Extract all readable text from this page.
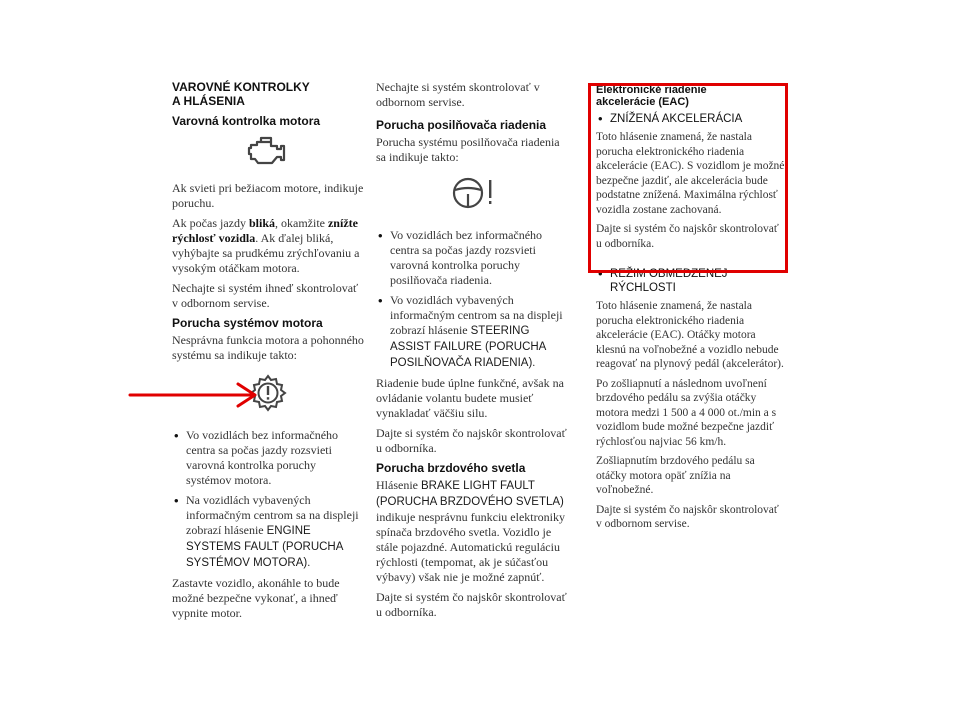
VAROVNÉ KONTROLKY
A HLÁSENIA
Varovná kontrolka motora

Ak svieti pri bežiacom motore, indikuje poruchu.

Ak počas jazdy bliká, okamžite znížte rýchlosť vozidla. Ak ďalej bliká, vyhýbajte sa prudkému zrýchľovaniu a vysokým otáčkam motora.

Nechajte si systém ihneď skontrolovať v odbornom servise.

Porucha systémov motora

Nesprávna funkcia motora a pohonného systému sa indikuje takto:

• Vo vozidlách bez informačného centra sa počas jazdy rozsvieti varovná kontrolka poruchy systémov motora.

• Na vozidlách vybavených informačným centrom sa na displeji zobrazí hlásenie ENGINE SYSTEMS FAULT (PORUCHA SYSTÉMOV MOTORA).

Zastavte vozidlo, akonáhle to bude možné bezpečne vykonať, a ihneď vypnite motor.

Nechajte si systém skontrolovať v odbornom servise.

Porucha posilňovača riadenia

Porucha systému posilňovača riadenia sa indikuje takto:

• Vo vozidlách bez informačného centra sa počas jazdy rozsvieti varovná kontrolka poruchy posilňovača riadenia.

• Vo vozidlách vybavených informačným centrom sa na displeji zobrazí hlásenie STEERING ASSIST FAILURE (PORUCHA POSILŇOVAČA RIADENIA).

Riadenie bude úplne funkčné, avšak na ovládanie volantu budete musieť vynakladať väčšiu silu.

Dajte si systém čo najskôr skontrolovať u odborníka.

Porucha brzdového svetla

Hlásenie BRAKE LIGHT FAULT (PORUCHA BRZDOVÉHO SVETLA) indikuje nesprávnu funkciu elektroniky spínača brzdového svetla. Vozidlo je stále pojazdné. Automatickú reguláciu rýchlosti (tempomat, ak je súčasťou výbavy) však nie je možné zapnúť.

Dajte si systém čo najskôr skontrolovať u odborníka.

Elektronické riadenie
akcelerácie (EAC)
• ZNÍŽENÁ AKCELERÁCIA

Toto hlásenie znamená, že nastala porucha elektronického riadenia akcelerácie (EAC). S vozidlom je možné bezpečne jazdiť, ale akcelerácia bude podstatne znížená. Maximálna rýchlosť vozidla zostane zachovaná.

Dajte si systém čo najskôr skontrolovať u odborníka.

• REŽIM OBMEDZENEJ
RÝCHLOSTI

Toto hlásenie znamená, že nastala porucha elektronického riadenia akcelerácie (EAC). Otáčky motora klesnú na voľnobežné a vozidlo nebude reagovať na plynový pedál (akcelerátor).

Po zošliapnutí a následnom uvoľnení brzdového pedálu sa zvýšia otáčky motora medzi 1 500 a 4 000 ot./min a s vozidlom bude možné bezpečne jazdiť rýchlosťou najviac 56 km/h.

Zošliapnutím brzdového pedálu sa otáčky motora opäť znížia na voľnobežné.

Dajte si systém čo najskôr skontrolovať v odbornom servise.
